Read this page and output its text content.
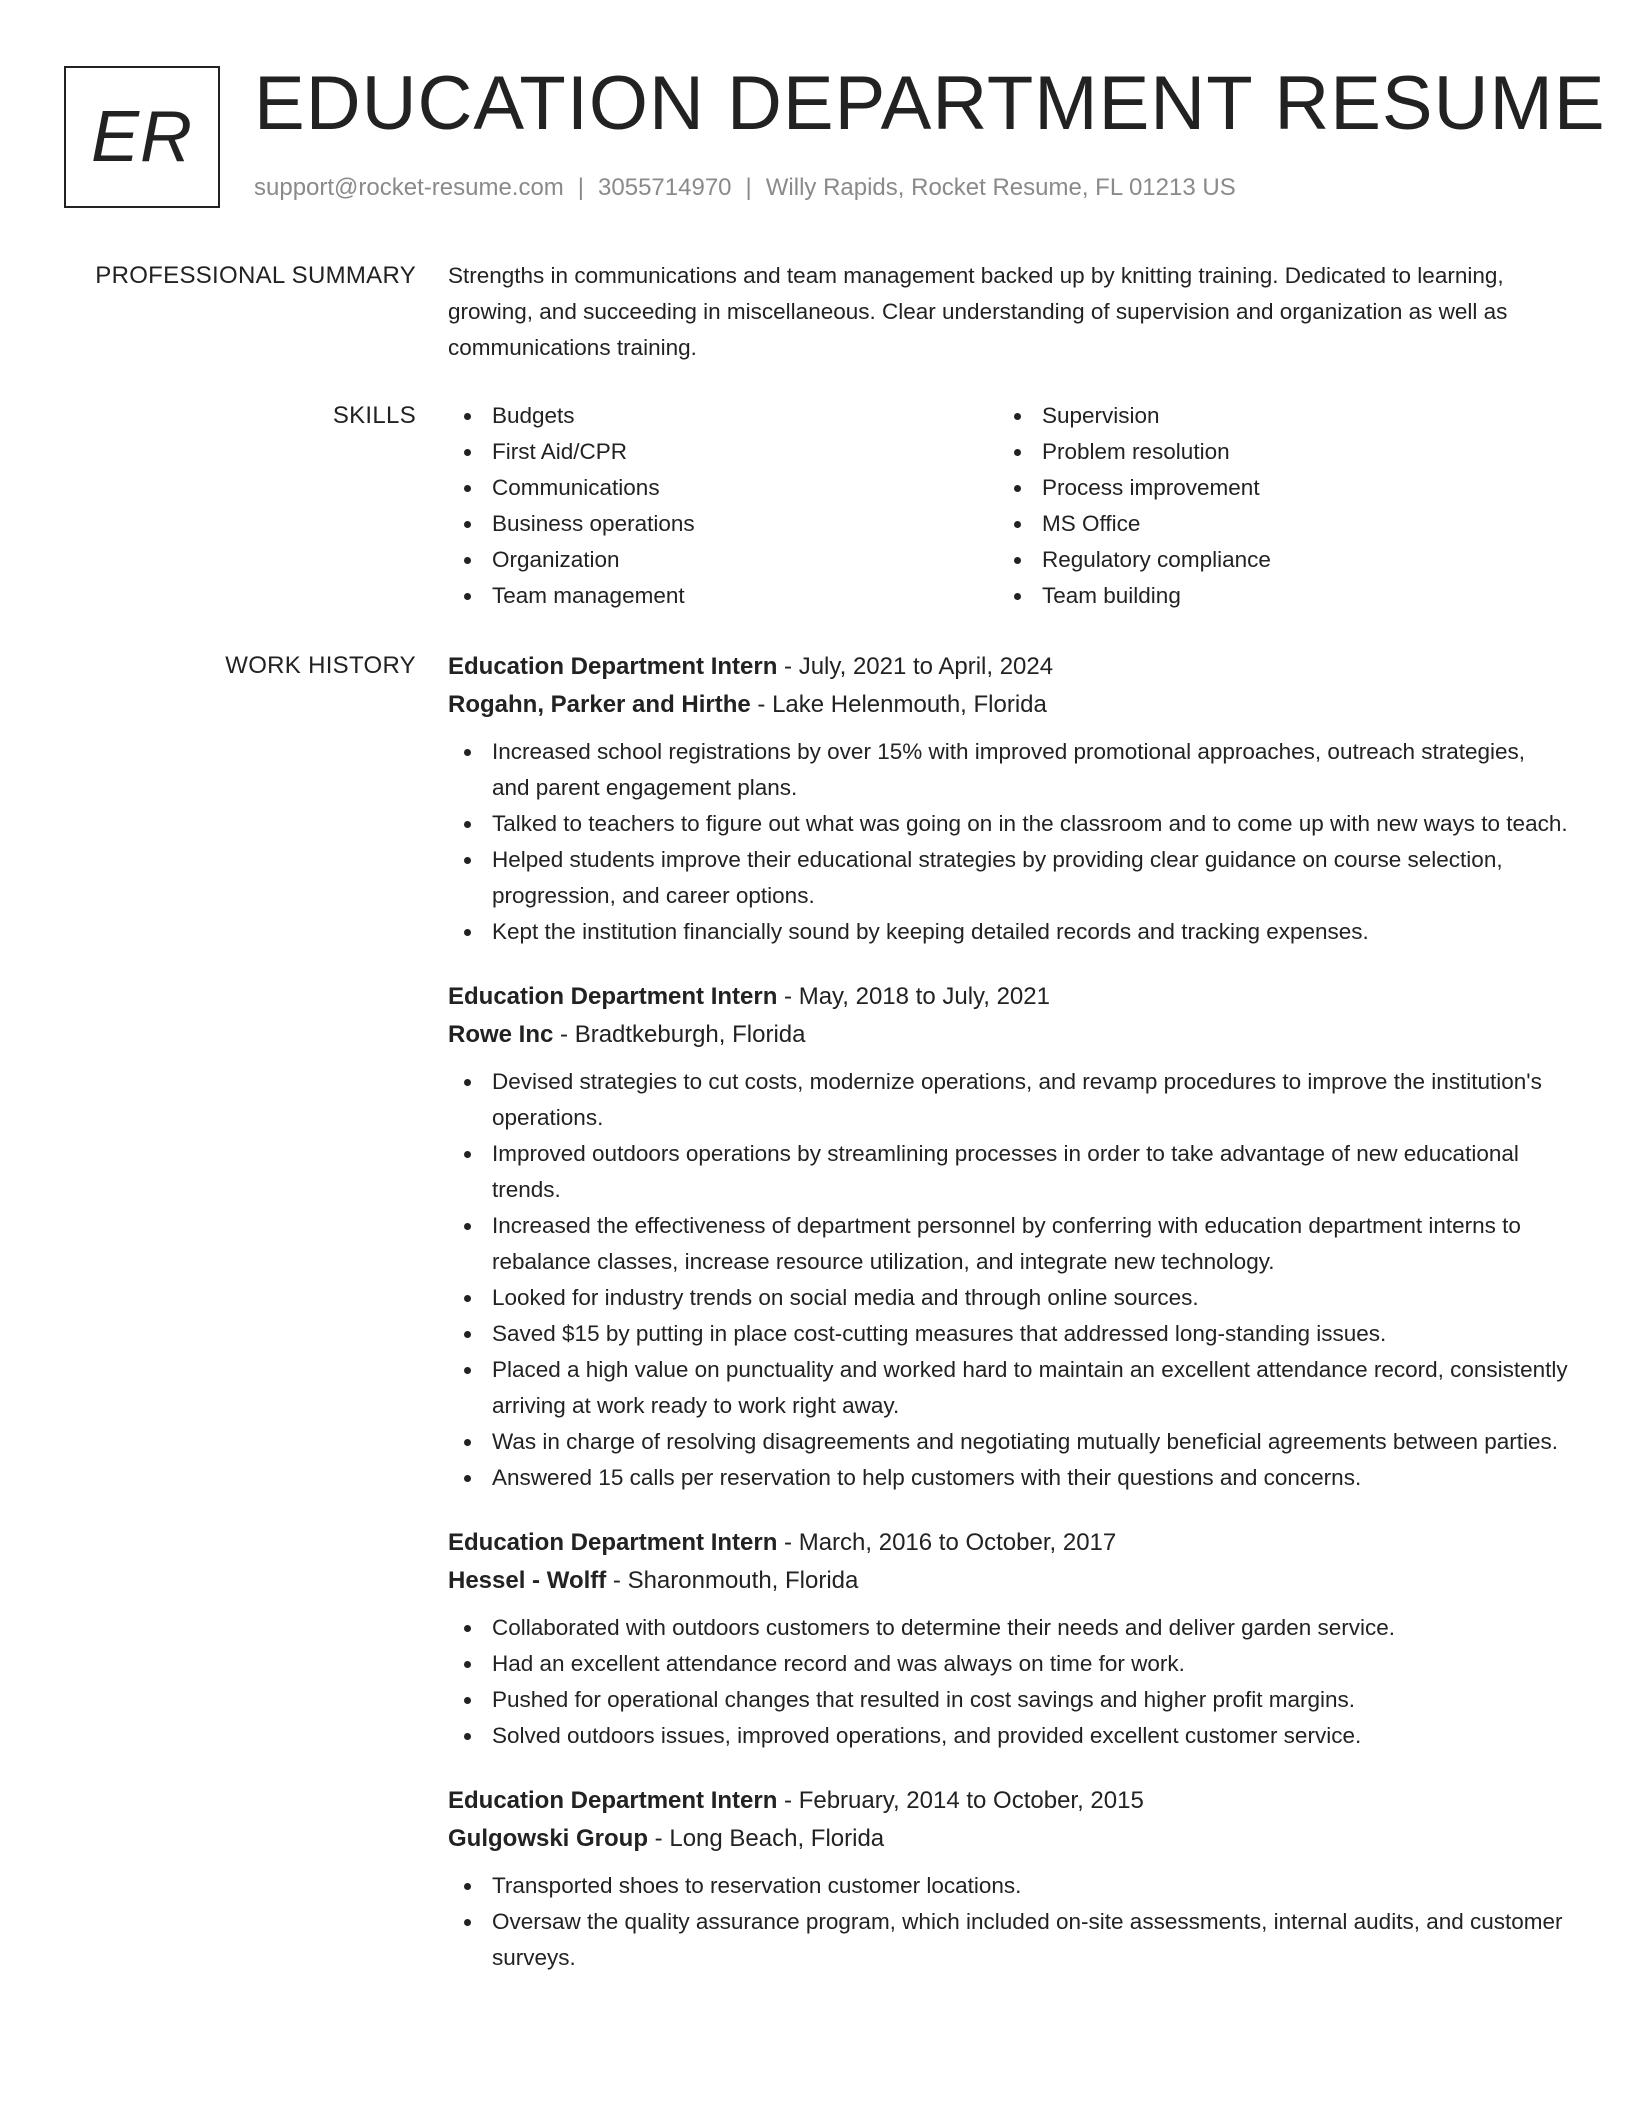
ER EDUCATION DEPARTMENT RESUME
support@rocket-resume.com | 3055714970 | Willy Rapids, Rocket Resume, FL 01213 US
PROFESSIONAL SUMMARY Strengths in communications and team management backed up by knitting training. Dedicated to learning, growing, and succeeding in miscellaneous. Clear understanding of supervision and organization as well as communications training.

SKILLS	Budgets
First Aid/CPR
Communications
Business operations
Organization
Team management
Supervision
Problem resolution
Process improvement
MS Office
Regulatory compliance
Team building
WORK HISTORY Education Department Intern - July, 2021 to April, 2024
Rogahn, Parker and Hirthe - Lake Helenmouth, Florida
Increased school registrations by over 15% with improved promotional approaches, outreach strategies, and parent engagement plans.
Talked to teachers to figure out what was going on in the classroom and to come up with new ways to teach.
Helped students improve their educational strategies by providing clear guidance on course selection, progression, and career options.
Kept the institution financially sound by keeping detailed records and tracking expenses.
Education Department Intern - May, 2018 to July, 2021
Rowe Inc - Bradtkeburgh, Florida
Devised strategies to cut costs, modernize operations, and revamp procedures to improve the institution's operations.
Improved outdoors operations by streamlining processes in order to take advantage of new educational trends.
Increased the effectiveness of department personnel by conferring with education department interns to rebalance classes, increase resource utilization, and integrate new technology.
Looked for industry trends on social media and through online sources.
Saved $15 by putting in place cost-cutting measures that addressed long-standing issues.
Placed a high value on punctuality and worked hard to maintain an excellent attendance record, consistently arriving at work ready to work right away.
Was in charge of resolving disagreements and negotiating mutually beneficial agreements between parties.
Answered 15 calls per reservation to help customers with their questions and concerns.
Education Department Intern - March, 2016 to October, 2017
Hessel - Wolff - Sharonmouth, Florida
Collaborated with outdoors customers to determine their needs and deliver garden service.
Had an excellent attendance record and was always on time for work.
Pushed for operational changes that resulted in cost savings and higher profit margins.
Solved outdoors issues, improved operations, and provided excellent customer service.
Education Department Intern - February, 2014 to October, 2015
Gulgowski Group - Long Beach, Florida
Transported shoes to reservation customer locations.
Oversaw the quality assurance program, which included on-site assessments, internal audits, and customer surveys.
